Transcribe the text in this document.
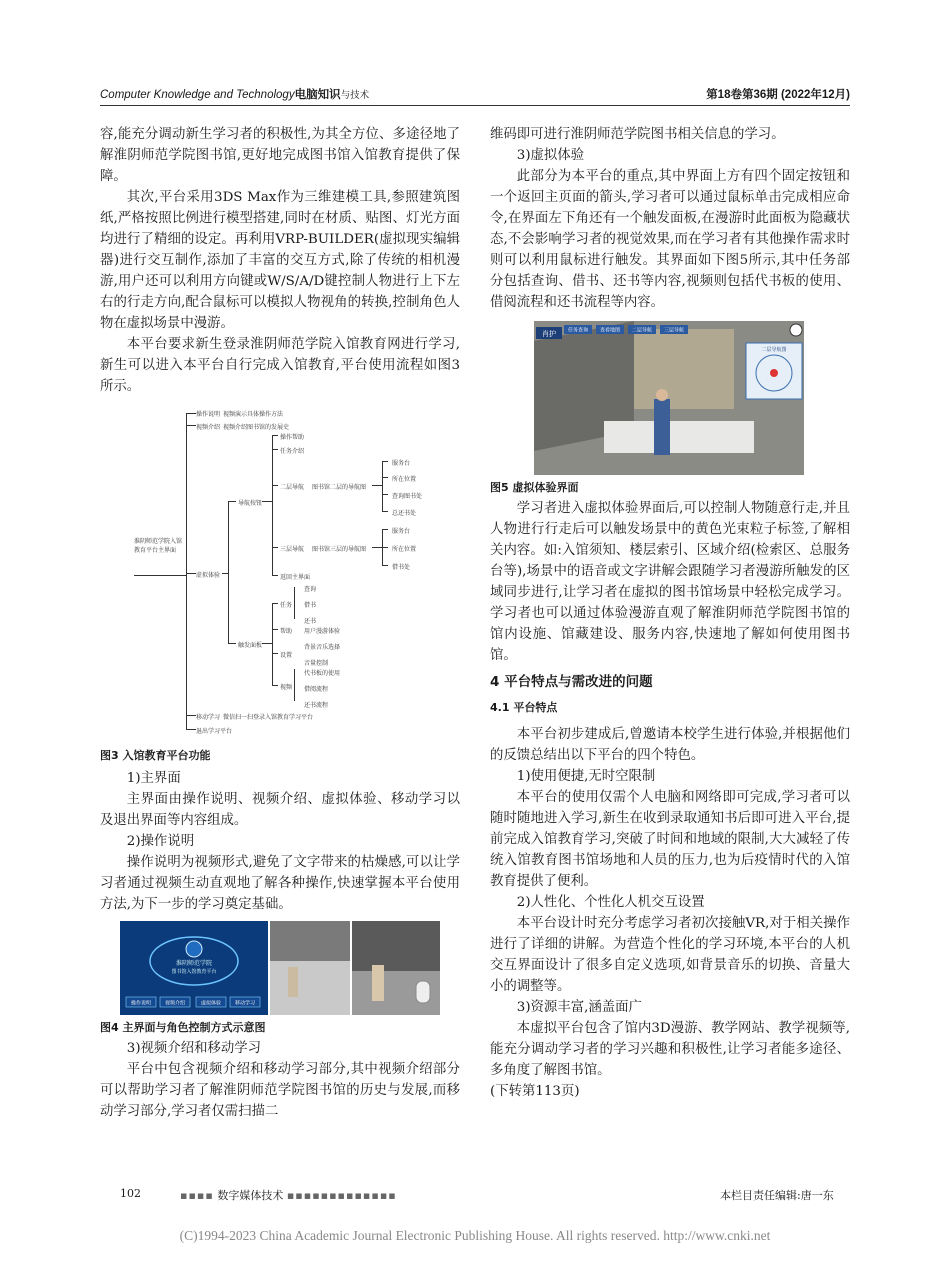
Computer Knowledge and Technology电脑知识与技术	第18卷第36期 (2022年12月)

容,能充分调动新生学习者的积极性,为其全方位、多途径地了解淮阴师范学院图书馆,更好地完成图书馆入馆教育提供了保障。

其次,平台采用3DS Max作为三维建模工具,参照建筑图纸,严格按照比例进行模型搭建,同时在材质、贴图、灯光方面均进行了精细的设定。再利用VRP-BUILDER(虚拟现实编辑器)进行交互制作,添加了丰富的交互方式,除了传统的相机漫游,用户还可以利用方向键或W/S/A/D键控制人物进行上下左右的行走方向,配合鼠标可以模拟人物视角的转换,控制角色人物在虚拟场景中漫游。

本平台要求新生登录淮阴师范学院入馆教育网进行学习,新生可以进入本平台自行完成入馆教育,平台使用流程如图3所示。

淮阴师范学院入馆教育平台主界面
操作说明 视频演示具体操作方法
视频介绍 视频介绍图书馆的发展史
虚拟体验
导航按钮
操作帮助
任务介绍
二层导航 图书馆二层的导航图
服务台
所在位置
查询图书处
总还书处
三层导航 图书馆三层的导航图
服务台
所在位置
借书处
返回主界面
触发面板
任务
查询
借书
还书
帮助 用户漫游体验
设置
背景音乐选择
音量控制
视频
代书板的使用
借阅流程
还书流程
移动学习 微信扫一扫登录入馆教育学习平台
退出学习平台

图3 入馆教育平台功能

1)主界面

主界面由操作说明、视频介绍、虚拟体验、移动学习以及退出界面等内容组成。

2)操作说明

操作说明为视频形式,避免了文字带来的枯燥感,可以让学习者通过视频生动直观地了解各种操作,快速掌握本平台使用方法,为下一步的学习奠定基础。

淮阴师范学院
图书馆入馆教育平台
操作说明	视频介绍	虚拟体验	移动学习

图4 主界面与角色控制方式示意图

3)视频介绍和移动学习

平台中包含视频介绍和移动学习部分,其中视频介绍部分可以帮助学习者了解淮阴师范学院图书馆的历史与发展,而移动学习部分,学习者仅需扫描二

维码即可进行淮阴师范学院图书相关信息的学习。

3)虚拟体验

此部分为本平台的重点,其中界面上方有四个固定按钮和一个返回主页面的箭头,学习者可以通过鼠标单击完成相应命令,在界面左下角还有一个触发面板,在漫游时此面板为隐藏状态,不会影响学习者的视觉效果,而在学习者有其他操作需求时则可以利用鼠标进行触发。其界面如下图5所示,其中任务部分包括查询、借书、还书等内容,视频则包括代书板的使用、借阅流程和还书流程等内容。

肖护 任务查询 查看地图 二层导航 三层导航
二层导航图

图5 虚拟体验界面

学习者进入虚拟体验界面后,可以控制人物随意行走,并且人物进行行走后可以触发场景中的黄色光束粒子标签,了解相关内容。如:入馆须知、楼层索引、区域介绍(检索区、总服务台等),场景中的语音或文字讲解会跟随学习者漫游所触发的区域同步进行,让学习者在虚拟的图书馆场景中轻松完成学习。学习者也可以通过体验漫游直观了解淮阴师范学院图书馆的馆内设施、馆藏建设、服务内容,快速地了解如何使用图书馆。

4 平台特点与需改进的问题

4.1 平台特点

本平台初步建成后,曾邀请本校学生进行体验,并根据他们的反馈总结出以下平台的四个特色。

1)使用便捷,无时空限制

本平台的使用仅需个人电脑和网络即可完成,学习者可以随时随地进入学习,新生在收到录取通知书后即可进入平台,提前完成入馆教育学习,突破了时间和地域的限制,大大减轻了传统入馆教育图书馆场地和人员的压力,也为后疫情时代的入馆教育提供了便利。

2)人性化、个性化人机交互设置

本平台设计时充分考虑学习者初次接触VR,对于相关操作进行了详细的讲解。为营造个性化的学习环境,本平台的人机交互界面设计了很多自定义选项,如背景音乐的切换、音量大小的调整等。

3)资源丰富,涵盖面广

本虚拟平台包含了馆内3D漫游、教学网站、教学视频等,能充分调动学习者的学习兴趣和积极性,让学习者能多途径、多角度了解图书馆。

(下转第113页)

102	▪▪▪▪ 数字媒体技术 ▪▪▪▪▪▪▪▪▪▪▪▪▪	本栏目责任编辑:唐一东
(C)1994-2023 China Academic Journal Electronic Publishing House. All rights reserved. http://www.cnki.net
